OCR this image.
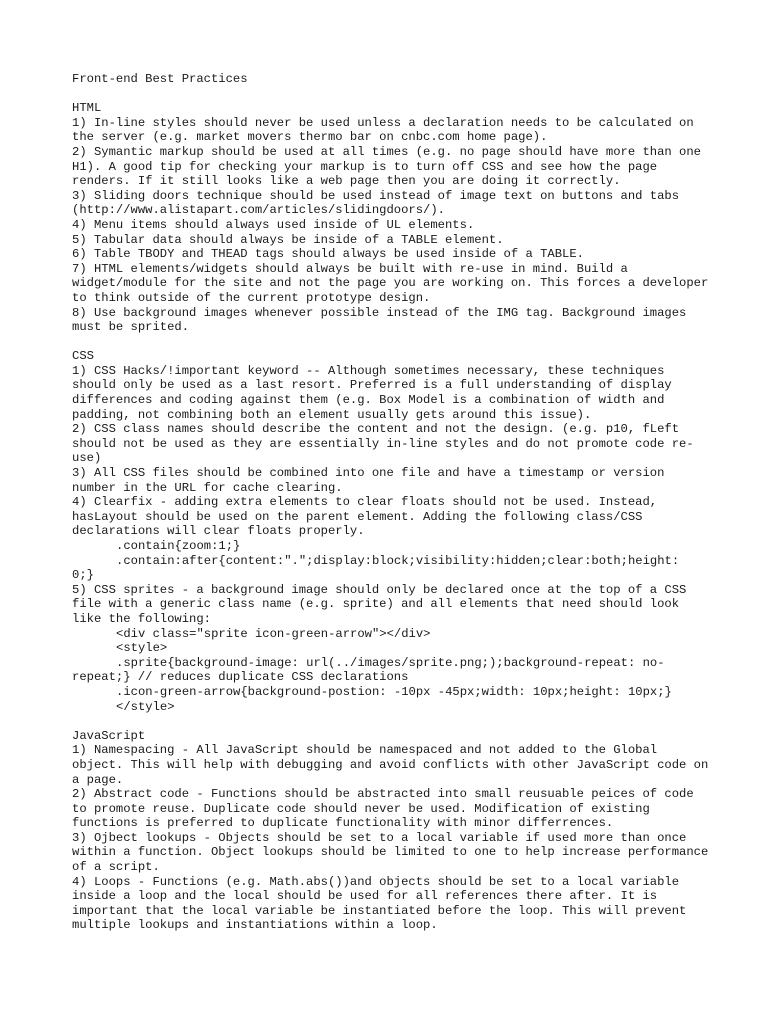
Front-end Best Practices

HTML

1) In-line styles should never be used unless a declaration needs to be calculated on the server (e.g. market movers thermo bar on cnbc.com home page).

2) Symantic markup should be used at all times (e.g. no page should have more than one H1). A good tip for checking your markup is to turn off CSS and see how the page renders. If it still looks like a web page then you are doing it correctly.

3) Sliding doors technique should be used instead of image text on buttons and tabs (http://www.alistapart.com/articles/slidingdoors/).

4) Menu items should always used inside of UL elements.

5) Tabular data should always be inside of a TABLE element.

6) Table TBODY and THEAD tags should always be used inside of a TABLE.

7) HTML elements/widgets should always be built with re-use in mind. Build a widget/module for the site and not the page you are working on. This forces a developer to think outside of the current prototype design.

8) Use background images whenever possible instead of the IMG tag. Background images must be sprited.

CSS

1) CSS Hacks/!important keyword -- Although sometimes necessary, these techniques should only be used as a last resort. Preferred is a full understanding of display differences and coding against them (e.g. Box Model is a combination of width and padding, not combining both an element usually gets around this issue).

2) CSS class names should describe the content and not the design. (e.g. p10, fLeft should not be used as they are essentially in-line styles and do not promote code re-use)

3) All CSS files should be combined into one file and have a timestamp or version number in the URL for cache clearing.

4) Clearfix - adding extra elements to clear floats should not be used. Instead, hasLayout should be used on the parent element. Adding the following class/CSS declarations will clear floats properly.

.contain{zoom:1;}

.contain:after{content:".";display:block;visibility:hidden;clear:both;height:

0;}

5) CSS sprites - a background image should only be declared once at the top of a CSS file with a generic class name (e.g. sprite) and all elements that need should look like the following:

<div class="sprite icon-green-arrow"></div>

<style>

.sprite{background-image: url(../images/sprite.png;);background-repeat: no-

repeat;} // reduces duplicate CSS declarations

.icon-green-arrow{background-postion: -10px -45px;width: 10px;height: 10px;}

</style>

JavaScript

1) Namespacing - All JavaScript should be namespaced and not added to the Global object. This will help with debugging and avoid conflicts with other JavaScript code on a page.

2) Abstract code - Functions should be abstracted into small reusuable peices of code to promote reuse. Duplicate code should never be used. Modification of existing functions is preferred to duplicate functionality with minor differrences.

3) Ojbect lookups - Objects should be set to a local variable if used more than once within a function. Object lookups should be limited to one to help increase performance of a script.

4) Loops - Functions (e.g. Math.abs())and objects should be set to a local variable inside a loop and the local should be used for all references there after. It is important that the local variable be instantiated before the loop. This will prevent multiple lookups and instantiations within a loop.
